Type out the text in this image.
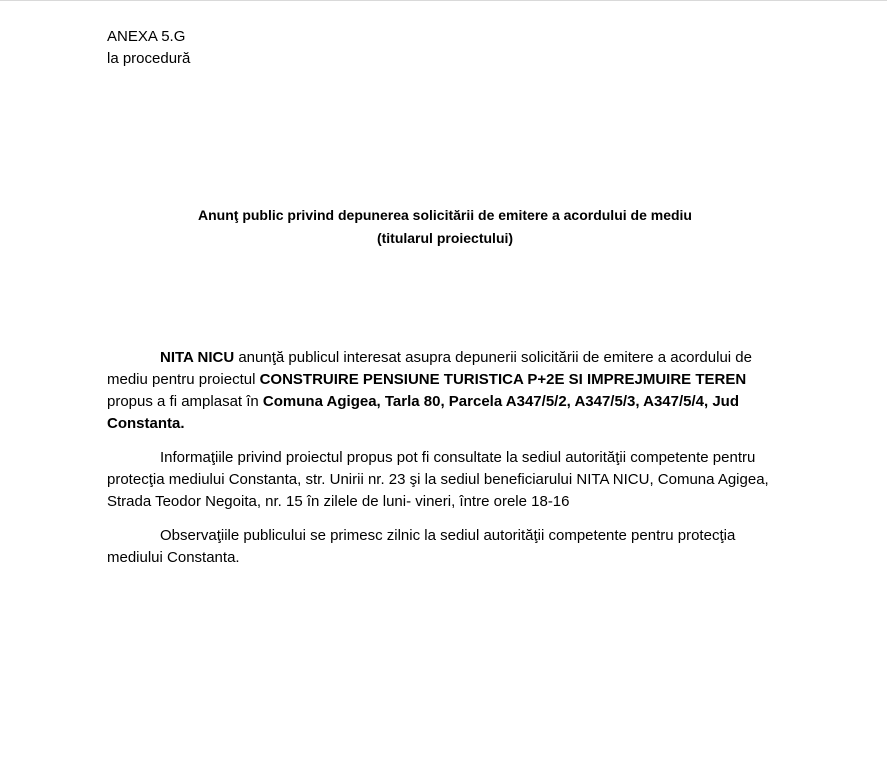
ANEXA 5.G
la procedură
Anunţ public privind depunerea solicitării de emitere a acordului de mediu
(titularul proiectului)

NITA NICU anunţă publicul interesat asupra depunerii solicitării de emitere a acordului de mediu pentru proiectul CONSTRUIRE PENSIUNE TURISTICA P+2E SI IMPREJMUIRE TEREN propus a fi amplasat în Comuna Agigea, Tarla 80, Parcela A347/5/2, A347/5/3, A347/5/4, Jud Constanta.

Informaţiile privind proiectul propus pot fi consultate la sediul autorităţii competente pentru protecţia mediului Constanta, str. Unirii nr. 23 şi la sediul beneficiarului NITA NICU, Comuna Agigea, Strada Teodor Negoita, nr. 15 în zilele de luni- vineri, între orele 18-16

Observaţiile publicului se primesc zilnic la sediul autorităţii competente pentru protecţia mediului Constanta.
